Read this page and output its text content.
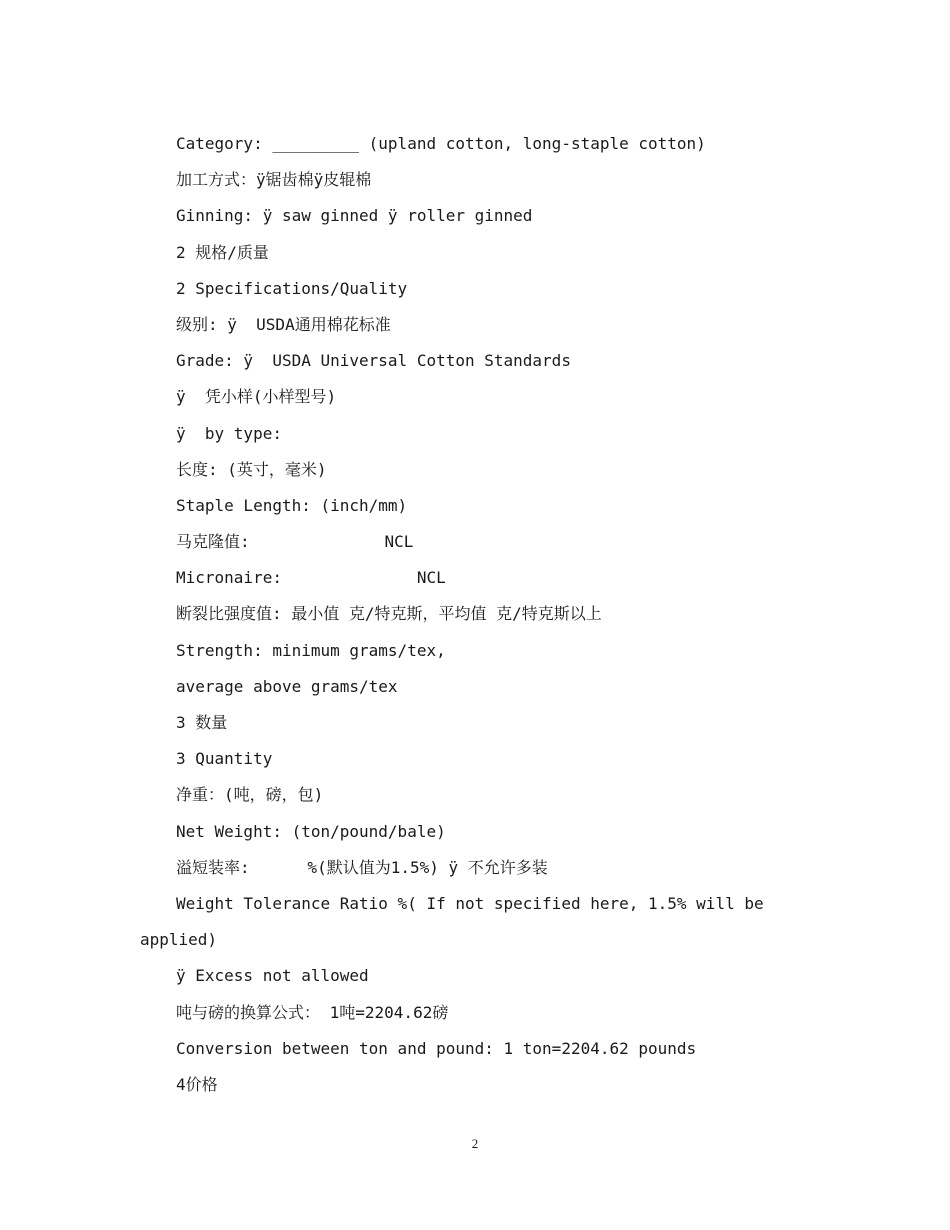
Category: _________ (upland cotton, long-staple cotton)
加工方式：ÿ锯齿棉ÿ皮辊棉
Ginning: ÿ saw ginned ÿ roller ginned
2 规格/质量
2 Specifications/Quality
级别: ÿ  USDA通用棉花标准
Grade: ÿ  USDA Universal Cotton Standards
ÿ  凭小样(小样型号)
ÿ  by type:
长度: (英寸，毫米)
Staple Length: (inch/mm)
马克隆值:              NCL
Micronaire:              NCL
断裂比强度值: 最小值 克/特克斯，平均值 克/特克斯以上
Strength: minimum grams/tex,
average above grams/tex
3 数量
3 Quantity
净重：(吨，磅，包)
Net Weight: (ton/pound/bale)
溢短装率:      %(默认值为1.5%) ÿ 不允许多装
Weight Tolerance Ratio %( If not specified here, 1.5% will be applied)
ÿ Excess not allowed
吨与磅的换算公式： 1吨=2204.62磅
Conversion between ton and pound: 1 ton=2204.62 pounds
4价格
2
